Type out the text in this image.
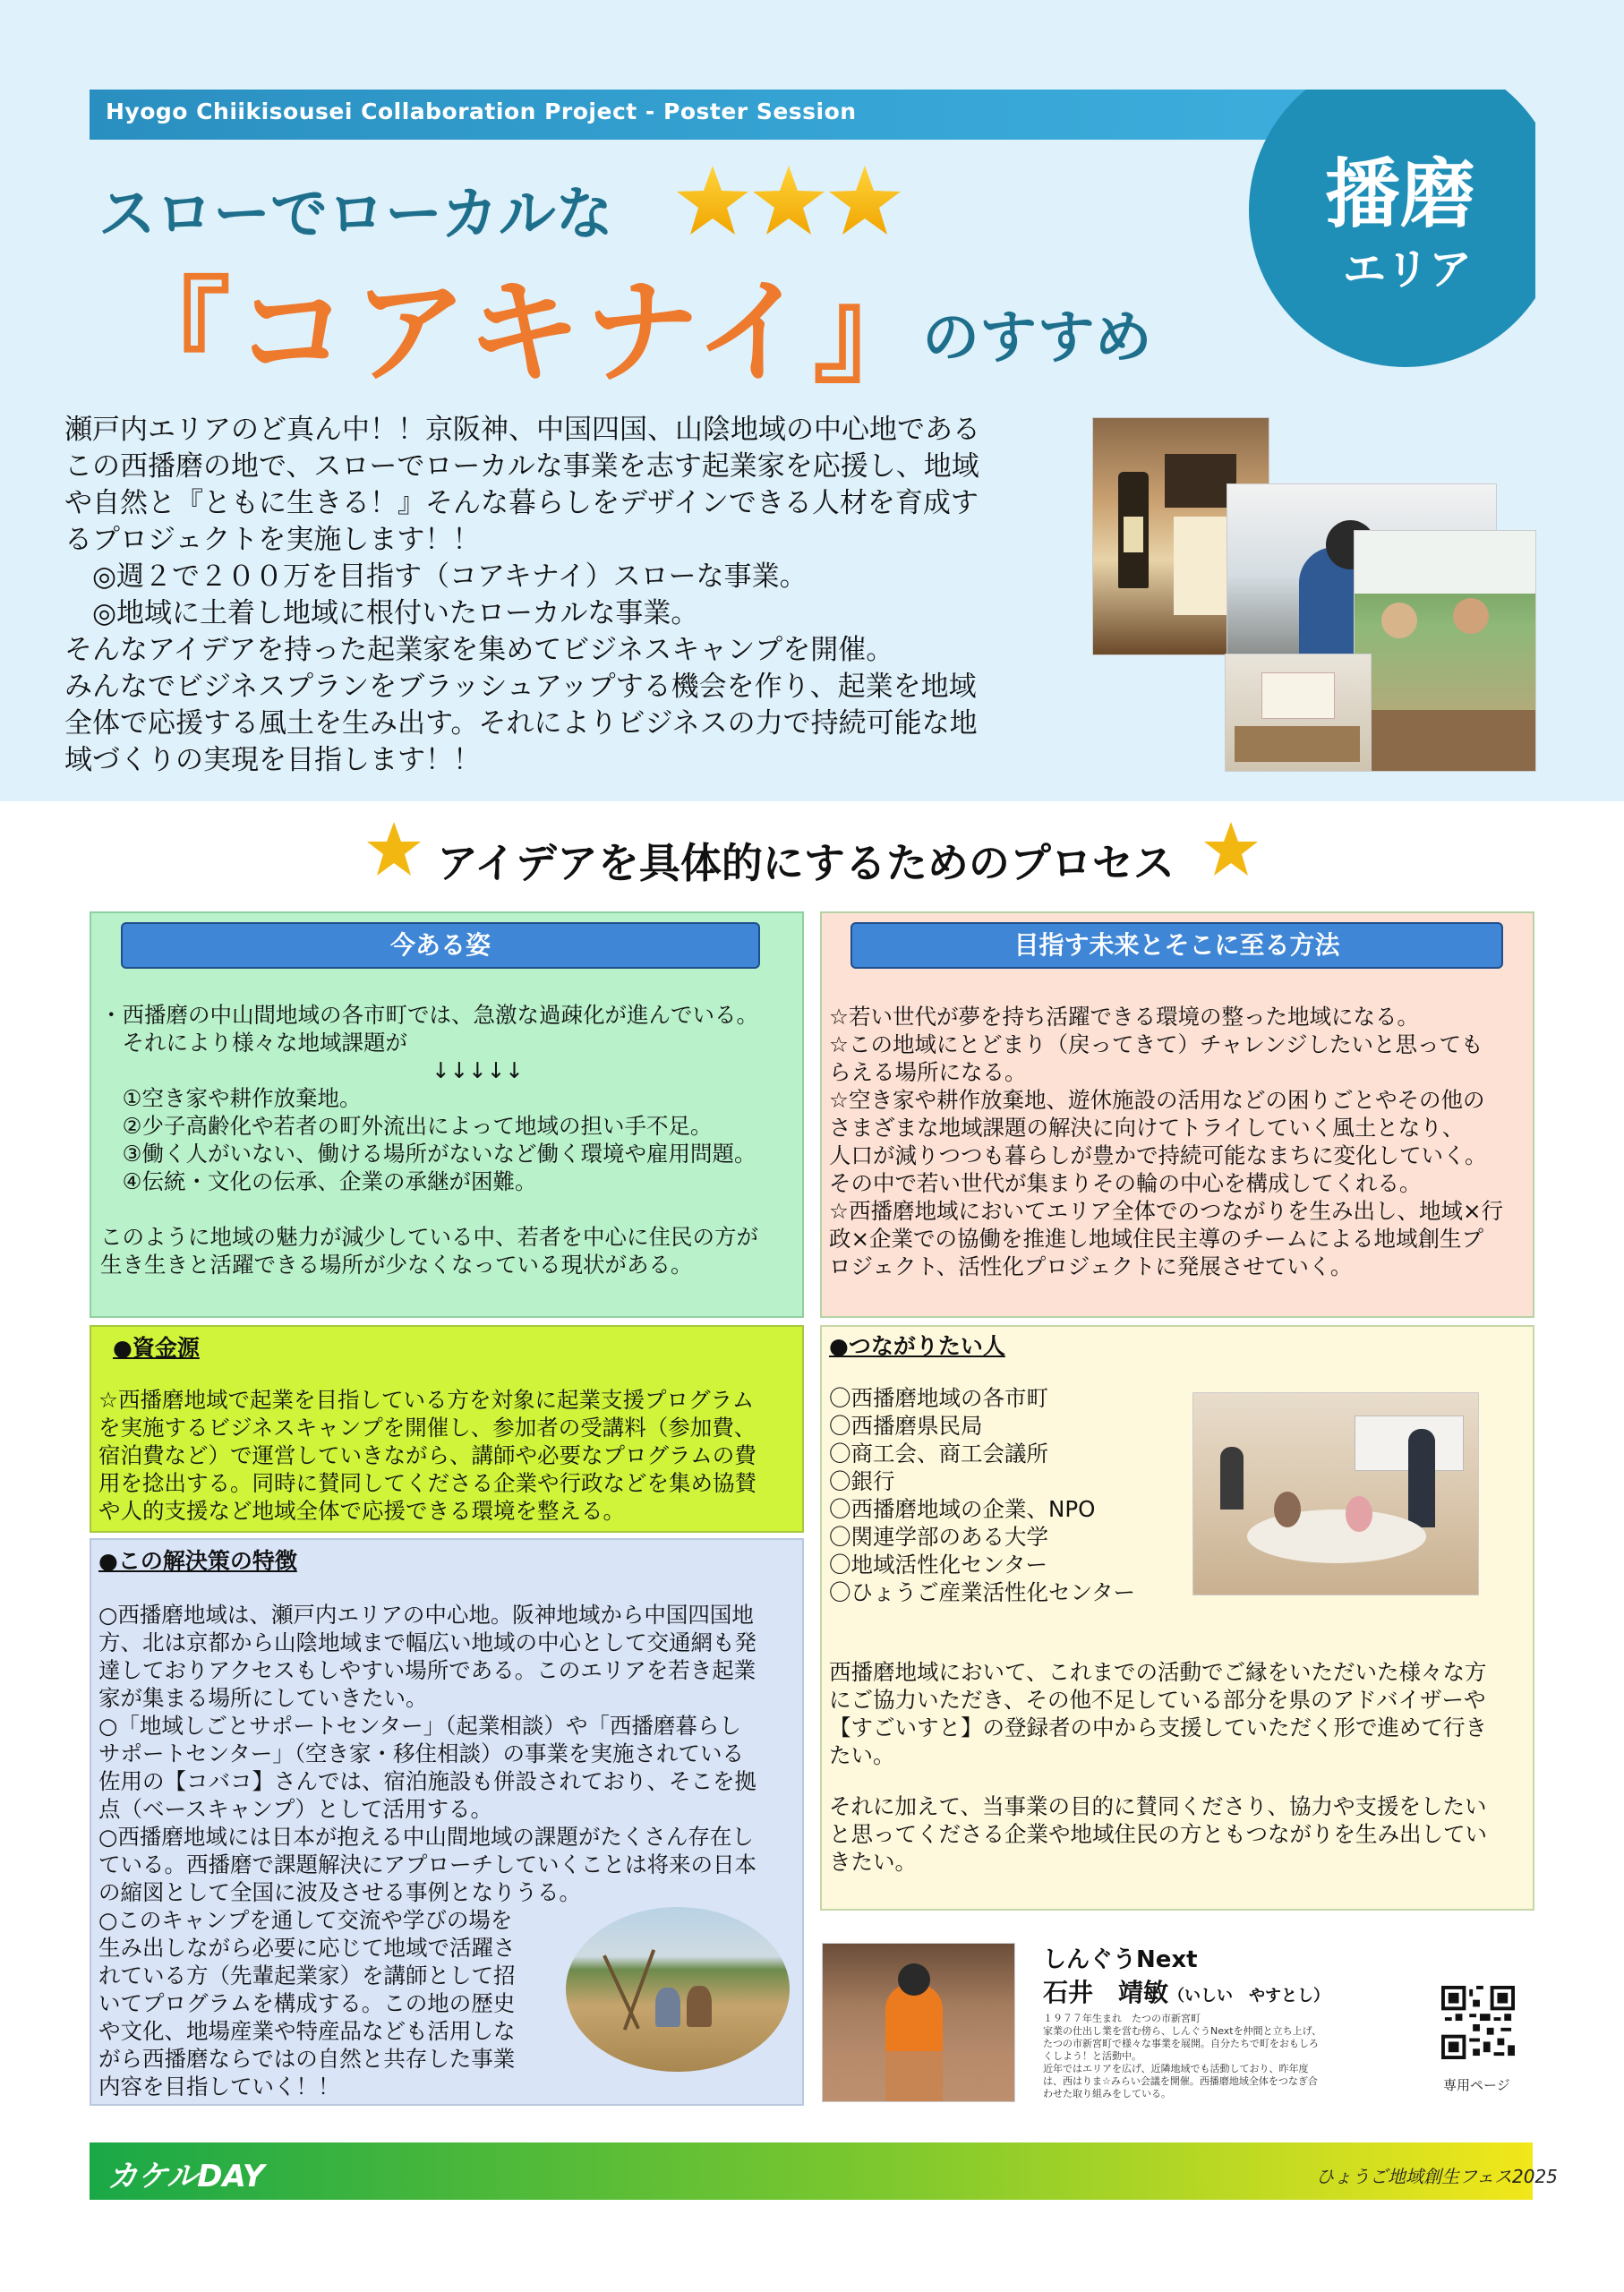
Hyogo Chiikisousei Collaboration Project - Poster Session
播磨
エリア
スローでローカルな
『コアキナイ』
のすすめ

瀬戸内エリアのど真ん中！！京阪神、中国四国、山陰地域の中心地である

この西播磨の地で、スローでローカルな事業を志す起業家を応援し、地域

や自然と『ともに生きる！』そんな暮らしをデザインできる人材を育成す

るプロジェクトを実施します！！

　◎週２で２００万を目指す（コアキナイ）スローな事業。

　◎地域に土着し地域に根付いたローカルな事業。

そんなアイデアを持った起業家を集めてビジネスキャンプを開催。

みんなでビジネスプランをブラッシュアップする機会を作り、起業を地域

全体で応援する風土を生み出す。それによりビジネスの力で持続可能な地

域づくりの実現を目指します！！

アイデアを具体的にするためのプロセス
今ある姿

・西播磨の中山間地域の各市町では、急激な過疎化が進んでいる。

　それにより様々な地域課題が

↓↓↓↓↓

　①空き家や耕作放棄地。

　②少子高齢化や若者の町外流出によって地域の担い手不足。

　③働く人がいない、働ける場所がないなど働く環境や雇用問題。

　④伝統・文化の伝承、企業の承継が困難。

このように地域の魅力が減少している中、若者を中心に住民の方が

生き生きと活躍できる場所が少なくなっている現状がある。

目指す未来とそこに至る方法

☆若い世代が夢を持ち活躍できる環境の整った地域になる。

☆この地域にとどまり（戻ってきて）チャレンジしたいと思っても

らえる場所になる。

☆空き家や耕作放棄地、遊休施設の活用などの困りごとやその他の

さまざまな地域課題の解決に向けてトライしていく風土となり、

人口が減りつつも暮らしが豊かで持続可能なまちに変化していく。

その中で若い世代が集まりその輪の中心を構成してくれる。

☆西播磨地域においてエリア全体でのつながりを生み出し、地域×行

政×企業での協働を推進し地域住民主導のチームによる地域創生プ

ロジェクト、活性化プロジェクトに発展させていく。

●資金源

☆西播磨地域で起業を目指している方を対象に起業支援プログラム

を実施するビジネスキャンプを開催し、参加者の受講料（参加費、

宿泊費など）で運営していきながら、講師や必要なプログラムの費

用を捻出する。同時に賛同してくださる企業や行政などを集め協賛

や人的支援など地域全体で応援できる環境を整える。

●この解決策の特徴

○西播磨地域は、瀬戸内エリアの中心地。阪神地域から中国四国地

方、北は京都から山陰地域まで幅広い地域の中心として交通網も発

達しておりアクセスもしやすい場所である。このエリアを若き起業

家が集まる場所にしていきたい。

○「地域しごとサポートセンター」（起業相談）や「西播磨暮らし

サポートセンター」（空き家・移住相談）の事業を実施されている

佐用の【コバコ】さんでは、宿泊施設も併設されており、そこを拠

点（ベースキャンプ）として活用する。

○西播磨地域には日本が抱える中山間地域の課題がたくさん存在し

ている。西播磨で課題解決にアプローチしていくことは将来の日本

の縮図として全国に波及させる事例となりうる。

○このキャンプを通して交流や学びの場を

生み出しながら必要に応じて地域で活躍さ

れている方（先輩起業家）を講師として招

いてプログラムを構成する。この地の歴史

や文化、地場産業や特産品なども活用しな

がら西播磨ならではの自然と共存した事業

内容を目指していく！！

●つながりたい人

〇西播磨地域の各市町

〇西播磨県民局

〇商工会、商工会議所

〇銀行

〇西播磨地域の企業、NPO

〇関連学部のある大学

〇地域活性化センター

〇ひょうご産業活性化センター

西播磨地域において、これまでの活動でご縁をいただいた様々な方

にご協力いただき、その他不足している部分を県のアドバイザーや

【すごいすと】の登録者の中から支援していただく形で進めて行き

たい。

それに加えて、当事業の目的に賛同くださり、協力や支援をしたい

と思ってくださる企業や地域住民の方ともつながりを生み出してい

きたい。

しんぐうNext
石井　靖敏（いしい　やすとし）
１９７７年生まれ　たつの市新宮町
家業の仕出し業を営む傍ら、しんぐうNextを仲間と立ち上げ、
たつの市新宮町で様々な事業を展開。自分たちで町をおもしろ
くしよう！と活動中。
近年ではエリアを広げ、近隣地域でも活動しており、昨年度
は、西はりま☆みらい会議を開催。西播磨地域全体をつなぎ合
わせた取り組みをしている。
専用ページ
カケルDAY	ひょうご地域創生フェス2025
